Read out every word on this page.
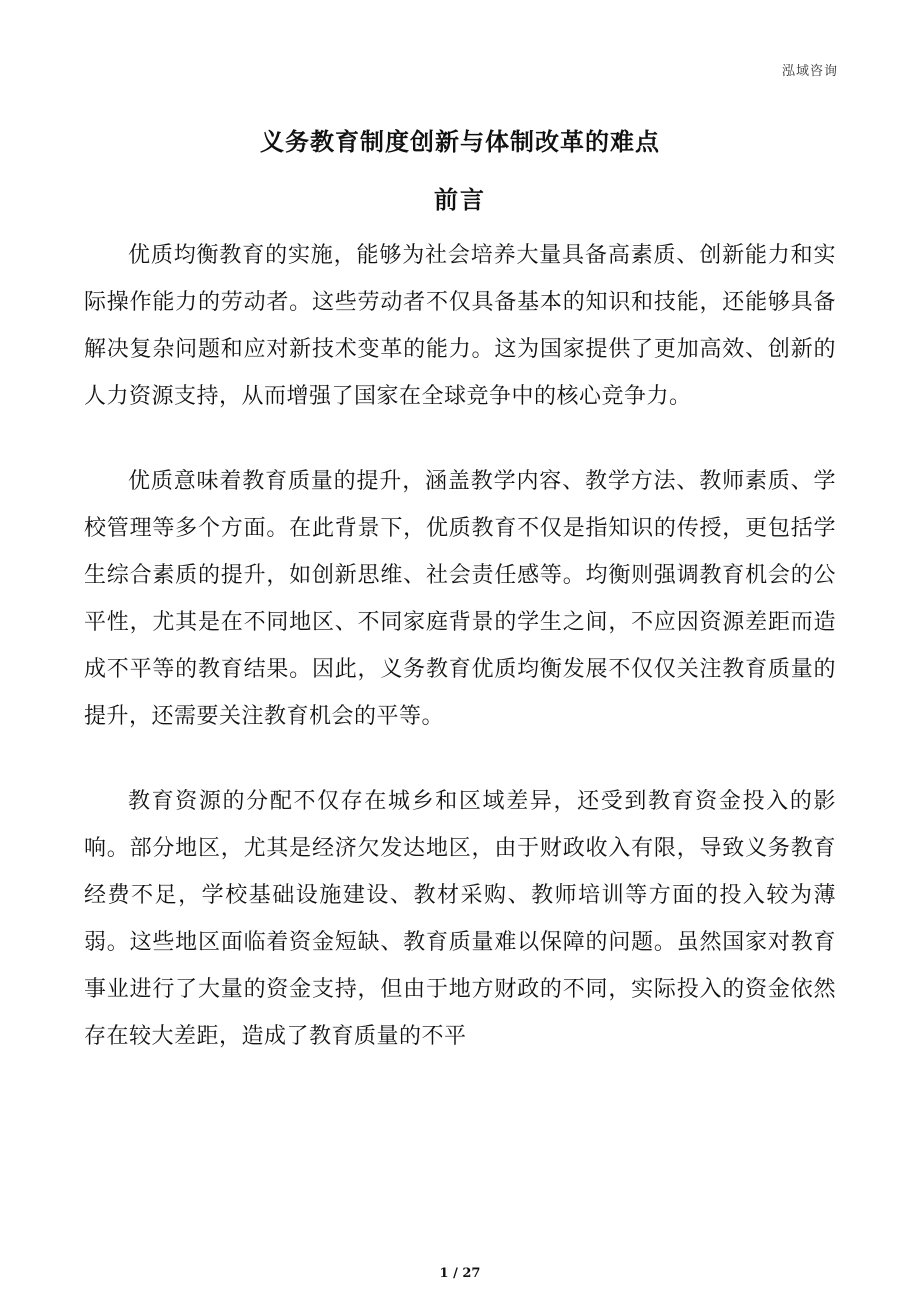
泓域咨询
义务教育制度创新与体制改革的难点
前言

优质均衡教育的实施，能够为社会培养大量具备高素质、创新能力和实际操作能力的劳动者。这些劳动者不仅具备基本的知识和技能，还能够具备解决复杂问题和应对新技术变革的能力。这为国家提供了更加高效、创新的人力资源支持，从而增强了国家在全球竞争中的核心竞争力。

优质意味着教育质量的提升，涵盖教学内容、教学方法、教师素质、学校管理等多个方面。在此背景下，优质教育不仅是指知识的传授，更包括学生综合素质的提升，如创新思维、社会责任感等。均衡则强调教育机会的公平性，尤其是在不同地区、不同家庭背景的学生之间，不应因资源差距而造成不平等的教育结果。因此，义务教育优质均衡发展不仅仅关注教育质量的提升，还需要关注教育机会的平等。

教育资源的分配不仅存在城乡和区域差异，还受到教育资金投入的影响。部分地区，尤其是经济欠发达地区，由于财政收入有限，导致义务教育经费不足，学校基础设施建设、教材采购、教师培训等方面的投入较为薄弱。这些地区面临着资金短缺、教育质量难以保障的问题。虽然国家对教育事业进行了大量的资金支持，但由于地方财政的不同，实际投入的资金依然存在较大差距，造成了教育质量的不平

1 / 27
